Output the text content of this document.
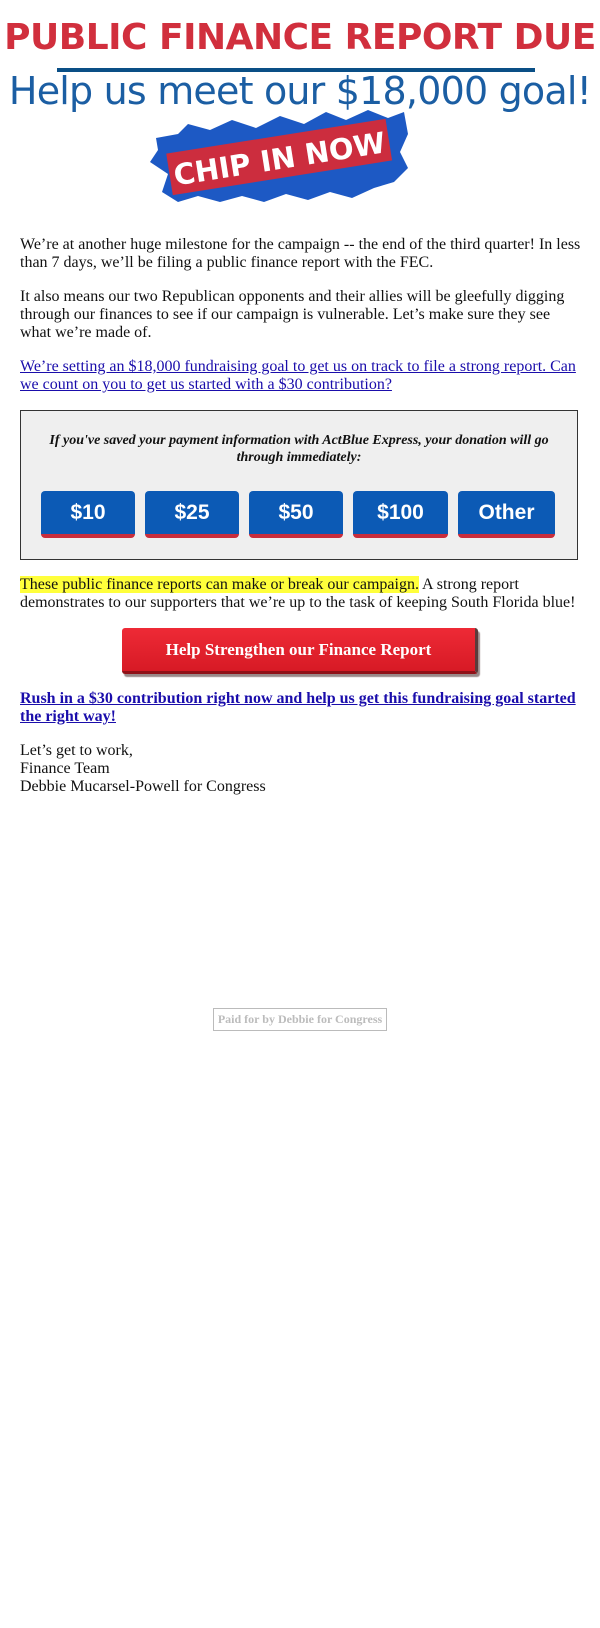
PUBLIC FINANCE REPORT DUE
Help us meet our $18,000 goal!
CHIP IN NOW
We’re at another huge milestone for the campaign -- the end of the third quarter! In less than 7 days, we’ll be filing a public finance report with the FEC.
It also means our two Republican opponents and their allies will be gleefully digging through our finances to see if our campaign is vulnerable. Let’s make sure they see what we’re made of.
We’re setting an $18,000 fundraising goal to get us on track to file a strong report. Can we count on you to get us started with a $30 contribution?
If you've saved your payment information with ActBlue Express, your donation will go through immediately:
$10	$25	$50	$100	Other
These public finance reports can make or break our campaign. A strong report demonstrates to our supporters that we’re up to the task of keeping South Florida blue!
Help Strengthen our Finance Report
Rush in a $30 contribution right now and help us get this fundraising goal started the right way!
Let’s get to work,
Finance Team
Debbie Mucarsel-Powell for Congress
Paid for by Debbie for Congress
